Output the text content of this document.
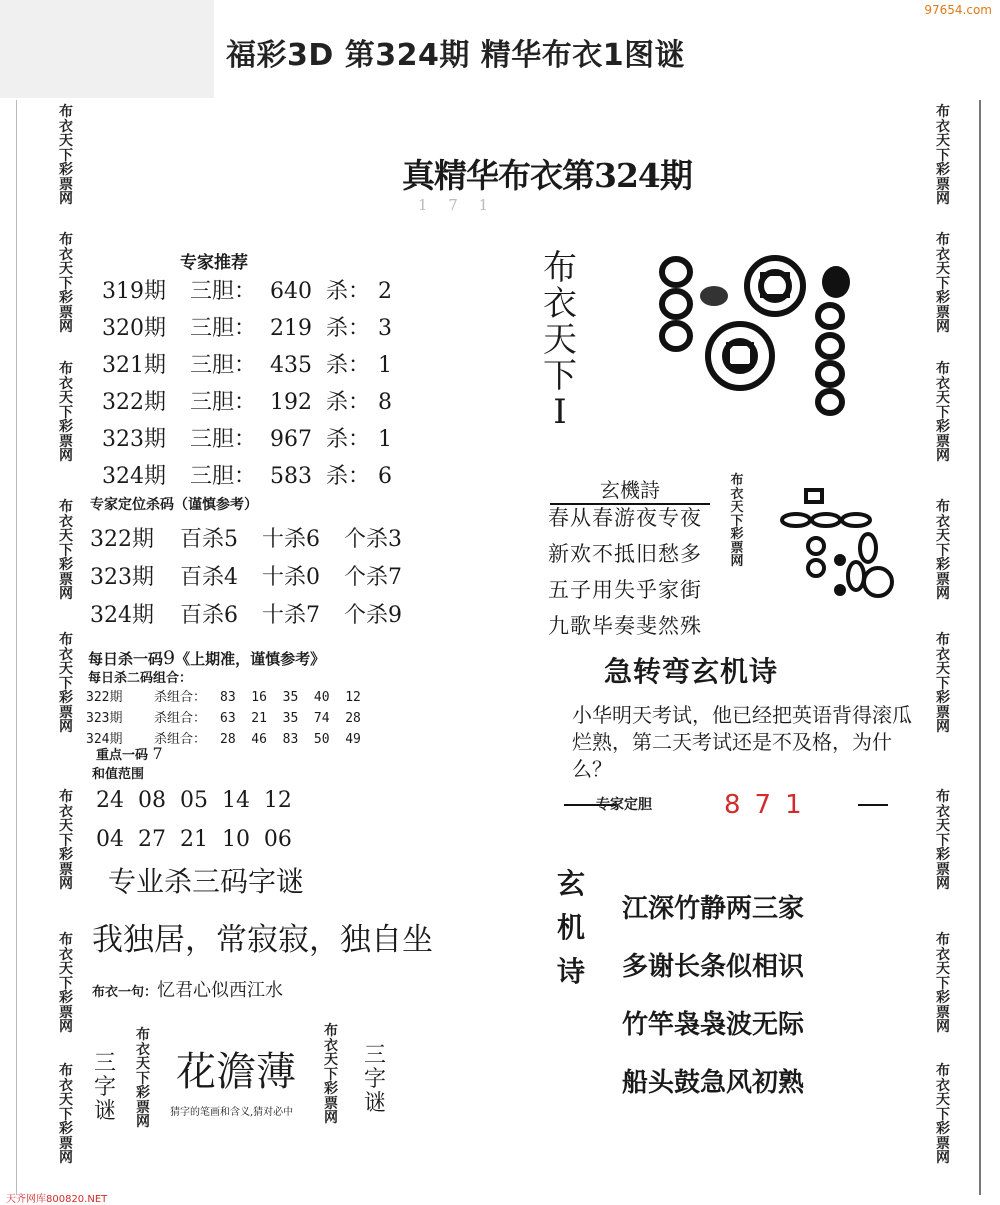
福彩3D 第324期 精华布衣1图谜
97654.com
布
衣
天
下
彩
票
网
布
衣
天
下
彩
票
网
布
衣
天
下
彩
票
网
布
衣
天
下
彩
票
网
布
衣
天
下
彩
票
网
布
衣
天
下
彩
票
网
布
衣
天
下
彩
票
网
布
衣
天
下
彩
票
网
布
衣
天
下
彩
票
网
布
衣
天
下
彩
票
网
布
衣
天
下
彩
票
网
布
衣
天
下
彩
票
网
布
衣
天
下
彩
票
网
布
衣
天
下
彩
票
网
布
衣
天
下
彩
票
网
布
衣
天
下
彩
票
网
真精华布衣第324期
1 7 1
专家推荐
319期 三胆： 640 杀： 2
320期 三胆： 219 杀： 3
321期 三胆： 435 杀： 1
322期 三胆： 192 杀： 8
323期 三胆： 967 杀： 1
324期 三胆： 583 杀： 6
专家定位杀码（谨慎参考）
322期 百杀5 十杀6 个杀3
323期 百杀4 十杀0 个杀7
324期 百杀6 十杀7 个杀9
每日杀一码9《上期准，谨慎参考》
每日杀二码组合：
322期 杀组合： 83  16  35  40  12
323期 杀组合： 63  21  35  74  28
324期 杀组合： 28  46  83  50  49
重点一码 7
和值范围
24  08  05  14  12
04  27  21  10  06
专业杀三码字谜
我独居，常寂寂，独自坐
布衣一句：忆君心似西江水
三
字
谜
布
衣
天
下
彩
票
网
花澹薄
猜字的笔画和含义,猜对必中
布
衣
天
下
彩
票
网
三
字
谜
布
衣
天
下
I
玄機詩
春从春游夜专夜
新欢不抵旧愁多
五子用失乎家街
九歌毕奏斐然殊
布
衣
天
下
彩
票
网
急转弯玄机诗
小华明天考试，他已经把英语背得滚瓜烂熟，第二天考试还是不及格，为什么？
专家定胆	871
玄
机
诗
江深竹静两三家
多谢长条似相识
竹竿袅袅波无际
船头鼓急风初熟
天齐网库800820.NET
